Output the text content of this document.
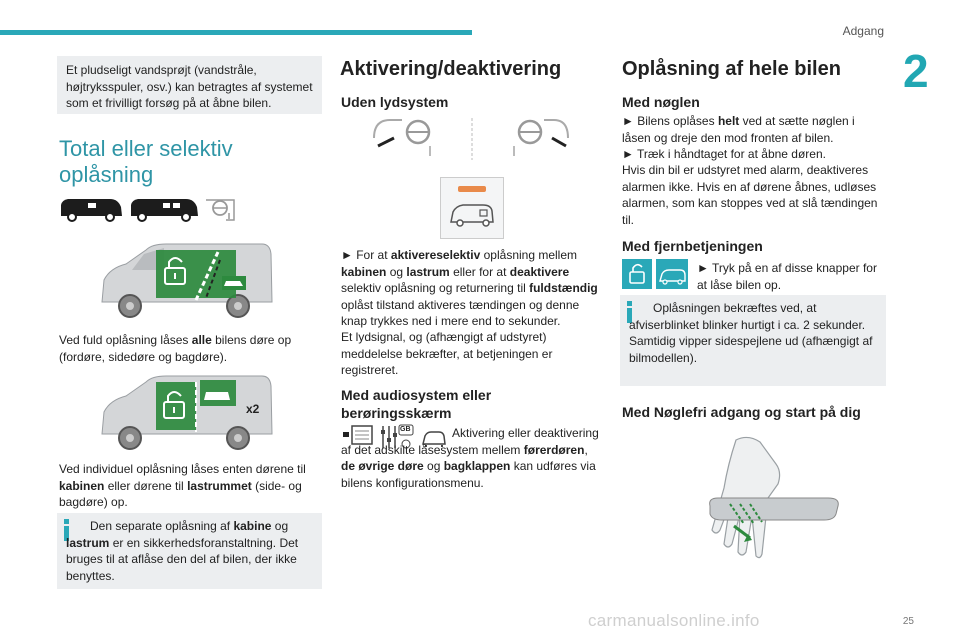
Adgang
2

Et pludseligt vandsprøjt (vandstråle, højtryksspuler, osv.) kan betragtes af systemet som et frivilligt forsøg på at åbne bilen.

Total eller selektiv oplåsning

Ved fuld oplåsning låses alle bilens døre op (fordøre, sidedøre og bagdøre).

x2

Ved individuel oplåsning låses enten dørene til kabinen eller dørene til lastrummet (side- og bagdøre) op.

Den separate oplåsning af kabine og lastrum er en sikkerhedsforanstaltning. Det bruges til at aflåse den del af bilen, der ikke benyttes.

Aktivering/deaktivering
Uden lydsystem

► For at aktivereselektiv oplåsning mellem kabinen og lastrum eller for at deaktivere selektiv oplåsning og returnering til fuldstændig oplåst tilstand aktiveres tændingen og denne knap trykkes ned i mere end to sekunder.

Et lydsignal, og (afhængigt af udstyret) meddelelse bekræfter, at betjeningen er registreret.

Med audiosystem eller berøringsskærm
GB	Aktivering eller deaktivering af det adskilte låsesystem mellem førerdøren, de øvrige døre og bagklappen kan udføres via bilens konfigurationsmenu.

Oplåsning af hele bilen
Med nøglen

► Bilens oplåses helt ved at sætte nøglen i låsen og dreje den mod fronten af bilen.

► Træk i håndtaget for at åbne døren.

Hvis din bil er udstyret med alarm, deaktiveres alarmen ikke. Hvis en af dørene åbnes, udløses alarmen, som kan stoppes ved at slå tændingen til.

Med fjernbetjeningen

► Tryk på en af disse knapper for at låse bilen op.

Oplåsningen bekræftes ved, at afviserblinket blinker hurtigt i ca. 2 sekunder. Samtidig vipper sidespejlene ud (afhængigt af bilmodellen).

Med Nøglefri adgang og start på dig
carmanualsonline.info	25
